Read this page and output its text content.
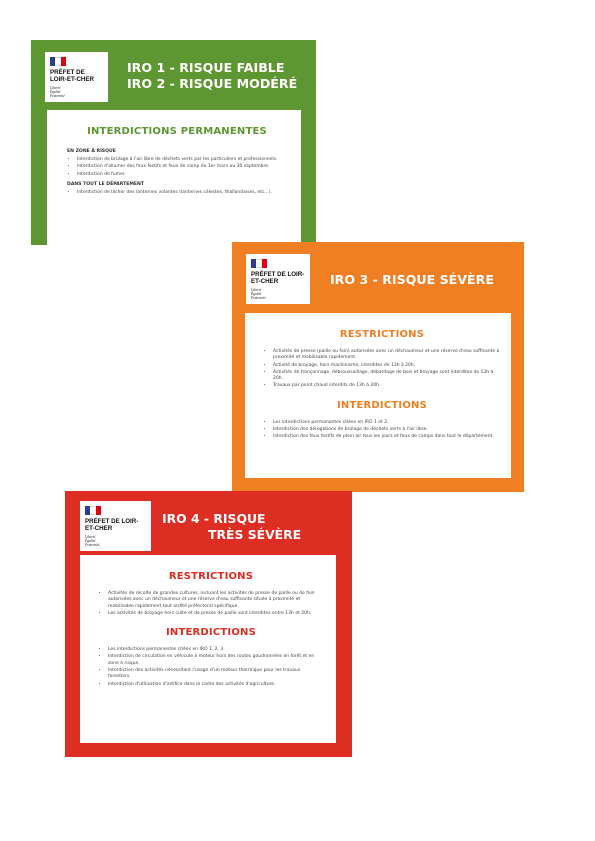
PRÉFET DE LOIR-ET-CHER
Liberté
Égalité
Fraternité
IRO 1 - RISQUE FAIBLE
IRO 2 - RISQUE MODÉRÉ
INTERDICTIONS PERMANENTES
EN ZONE À RISQUE
• Interdiction de brûlage à l'air libre de déchets verts par les particuliers et professionnels.
• Interdiction d'allumer des feux festifs et feux de camp du 1er mars au 30 septembre.
• Interdiction de fumer.
DANS TOUT LE DÉPARTEMENT
• Interdiction de lâcher des lanternes volantes (lanternes célestes, thaïlandaises, etc...).
PRÉFET DE LOIR-ET-CHER
Liberté
Égalité
Fraternité
IRO 3 - RISQUE SÉVÈRE
RESTRICTIONS
• Activités de presse (paille ou foin) autorisées avec un déchaumeur et une réserve d'eau suffisante à proximité et mobilisable rapidement.
• Activité de broyage, hors machinisme, interdites de 13h à 20h.
• Activités de tronçonnage, débroussaillage, débardage de bois et broyage sont interdites de 13h à 20h.
• Travaux par point chaud interdits de 13h à 20h.
INTERDICTIONS
• Les interdictions permanentes citées en IRO 1 et 2.
• Interdiction des dérogations de brûlage de déchets verts à l'air libre.
• Interdiction des feux festifs de plein air tous les jours et feux de camps dans tout le département.
PRÉFET DE LOIR-ET-CHER
Liberté
Égalité
Fraternité
IRO 4 - RISQUE
TRÈS SÉVÈRE
RESTRICTIONS
• Activités de récolte de grandes cultures, incluant les activités de presse de paille ou de foin autorisées avec un déchaumeur et une réserve d'eau suffisante située à proximité et mobilisable rapidement tout arrêté préfectoral spécifique.
• Les activités de broyage hors culte et de presse de paille sont interdites entre 13h et 20h.
INTERDICTIONS
• Les interdictions permanentes citées en IRO 1, 2, 3.
• Interdiction de circulation en véhicule à moteur hors des routes goudronnées en forêt et en zone à risque.
• Interdiction des activités nécessitant l'usage d'un moteur thermique pour les travaux forestiers.
• Interdiction d'utilisation d'artifice dans le cadre des activités d'agriculture.
